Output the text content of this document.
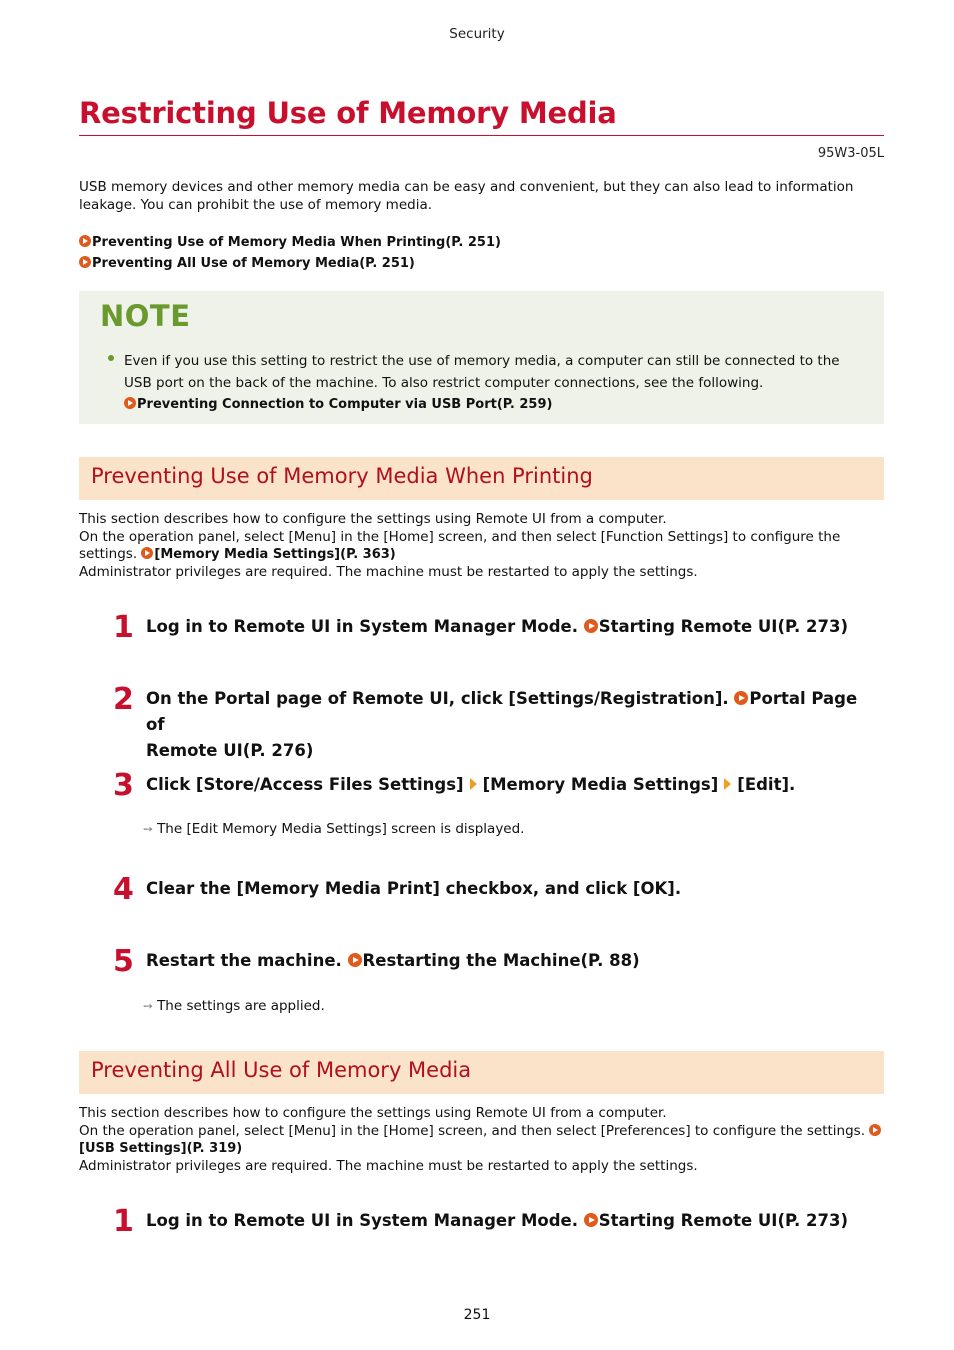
Security
Restricting Use of Memory Media
95W3-05L
USB memory devices and other memory media can be easy and convenient, but they can also lead to information
leakage. You can prohibit the use of memory media.
Preventing Use of Memory Media When Printing(P. 251)
Preventing All Use of Memory Media(P. 251)
NOTE
Even if you use this setting to restrict the use of memory media, a computer can still be connected to the
USB port on the back of the machine. To also restrict computer connections, see the following.
Preventing Connection to Computer via USB Port(P. 259)
Preventing Use of Memory Media When Printing
This section describes how to configure the settings using Remote UI from a computer.
On the operation panel, select [Menu] in the [Home] screen, and then select [Function Settings] to configure the
settings. [Memory Media Settings](P. 363)
Administrator privileges are required. The machine must be restarted to apply the settings.
1 Log in to Remote UI in System Manager Mode. Starting Remote UI(P. 273)
2 On the Portal page of Remote UI, click [Settings/Registration]. Portal Page of
Remote UI(P. 276)
3 Click [Store/Access Files Settings] [Memory Media Settings] [Edit].
➙ The [Edit Memory Media Settings] screen is displayed.
4 Clear the [Memory Media Print] checkbox, and click [OK].
5 Restart the machine. Restarting the Machine(P. 88)
➙ The settings are applied.
Preventing All Use of Memory Media
This section describes how to configure the settings using Remote UI from a computer.
On the operation panel, select [Menu] in the [Home] screen, and then select [Preferences] to configure the settings.
[USB Settings](P. 319)
Administrator privileges are required. The machine must be restarted to apply the settings.
1 Log in to Remote UI in System Manager Mode. Starting Remote UI(P. 273)
251
